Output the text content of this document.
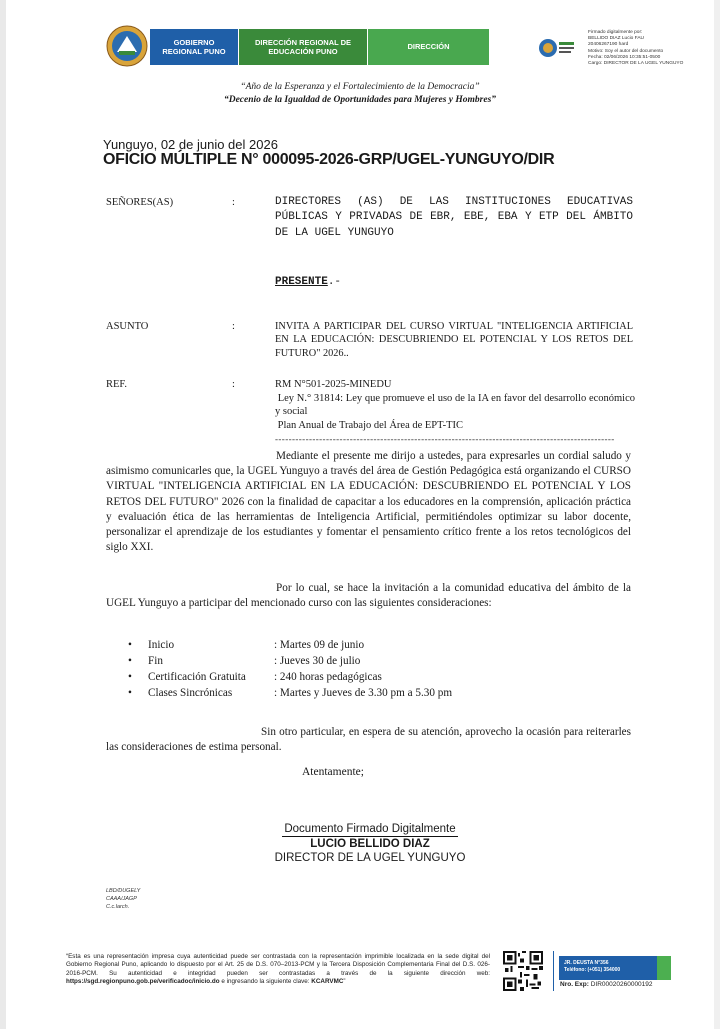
GOBIERNO
REGIONAL PUNO
DIRECCIÓN REGIONAL DE
EDUCACIÓN PUNO
DIRECCIÓN
Firmado digitalmente por:
BELLIDO DIAZ Lucio FAU
20406267190 hard
Motivo: Soy el autor del documento
Fecha: 02/06/2026 10:35:51-0500
Cargo: DIRECTOR DE LA UGEL YUNGUYO
“Año de la Esperanza y el Fortalecimiento de la Democracia”
“Decenio de la Igualdad de Oportunidades para Mujeres y Hombres”
Yunguyo, 02 de junio del 2026
OFICIO MÚLTIPLE N° 000095-2026-GRP/UGEL-YUNGUYO/DIR
SEÑORES(AS)	:	DIRECTORES (AS) DE LAS INSTITUCIONES EDUCATIVAS PÚBLICAS Y PRIVADAS DE EBR, EBE, EBA Y ETP DEL ÁMBITO DE LA UGEL YUNGUYO
PRESENTE.-
ASUNTO	:	INVITA A PARTICIPAR DEL CURSO VIRTUAL "INTELIGENCIA ARTIFICIAL EN LA EDUCACIÓN: DESCUBRIENDO EL POTENCIAL Y LOS RETOS DEL FUTURO" 2026..
REF.	:	RM N°501-2025-MINEDU
Ley N.° 31814: Ley que promueve el uso de la IA en favor del desarrollo económico y social
Plan Anual de Trabajo del Área de EPT-TIC
----------------------------------------------------------------------------------------------------
Mediante el presente me dirijo a ustedes, para expresarles un cordial saludo y asimismo comunicarles que, la UGEL Yunguyo a través del área de Gestión Pedagógica está organizando el CURSO VIRTUAL "INTELIGENCIA ARTIFICIAL EN LA EDUCACIÓN: DESCUBRIENDO EL POTENCIAL Y LOS RETOS DEL FUTURO" 2026 con la finalidad de capacitar a los educadores en la comprensión, aplicación práctica y evaluación ética de las herramientas de Inteligencia Artificial, permitiéndoles optimizar su labor docente, personalizar el aprendizaje de los estudiantes y fomentar el pensamiento crítico frente a los retos tecnológicos del siglo XXI.
Por lo cual, se hace la invitación a la comunidad educativa del ámbito de la UGEL Yunguyo a participar del mencionado curso con las siguientes consideraciones:
•	Inicio	: Martes 09 de junio
•	Fin	: Jueves 30 de julio
•	Certificación Gratuita	: 240 horas pedagógicas
•	Clases Sincrónicas	: Martes y Jueves de 3.30 pm a 5.30 pm
Sin otro particular, en espera de su atención, aprovecho la ocasión para reiterarles las consideraciones de estima personal.
Atentamente;
Documento Firmado Digitalmente
LUCIO BELLIDO DIAZ
DIRECTOR DE LA UGEL YUNGUYO
LBD/DUGELY
CAAA/JAGP
C.c.larch.
“Esta es una representación impresa cuya autenticidad puede ser contrastada con la representación imprimible localizada en la sede digital del Gobierno Regional Puno, aplicando lo dispuesto por el Art. 25 de D.S. 070–2013-PCM y la Tercera Disposición Complementaria Final del D.S. 026-2016-PCM. Su autenticidad e integridad pueden ser contrastadas a través de la siguiente dirección web: https://sgd.regionpuno.gob.pe/verificadoc/inicio.do e ingresando la siguiente clave: KCARVMC”
JR. DEUSTA N°356
Teléfono: (+051) 354000
Nro. Exp: DIR00020260000192
